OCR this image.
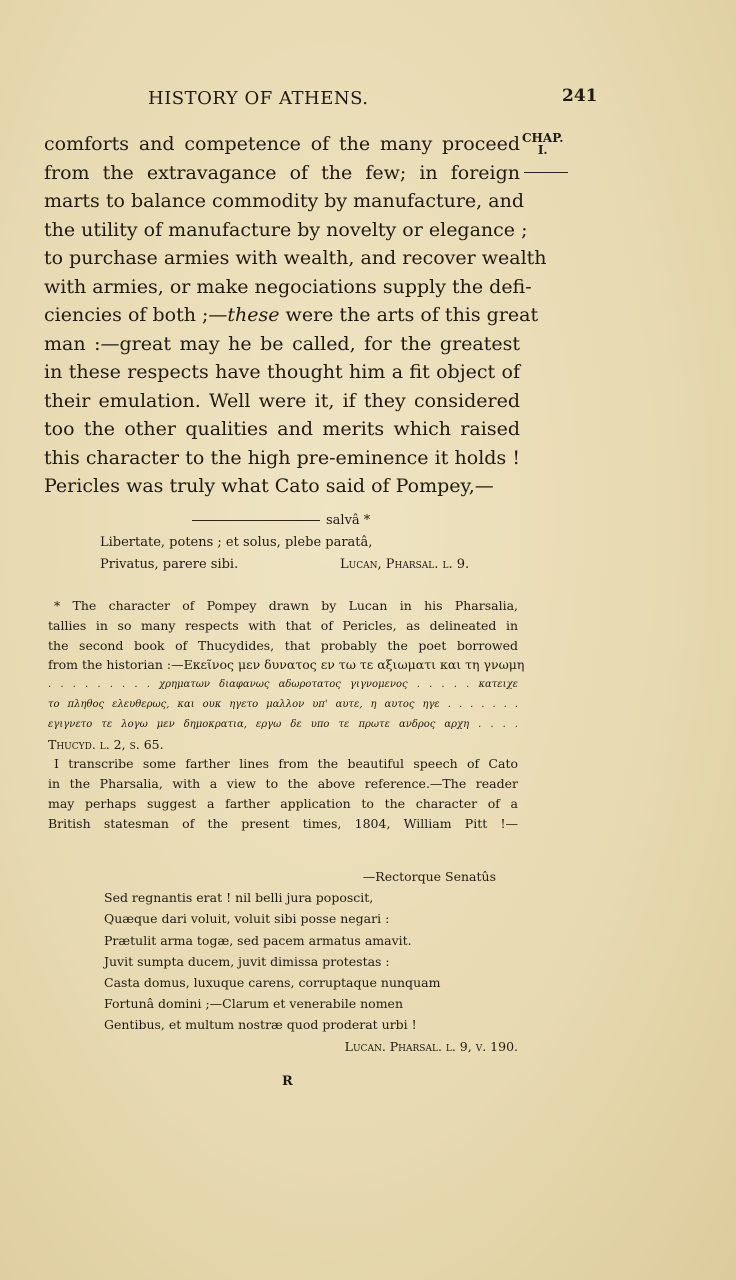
HISTORY OF ATHENS.	241
CHAP.
I.
comforts and competence of the many proceed
from the extravagance of the few; in foreign
marts to balance commodity by manufacture, and
the utility of manufacture by novelty or elegance ;
to purchase armies with wealth, and recover wealth
with armies, or make negociations supply the defi-
ciencies of both ;—these were the arts of this great
man :—great may he be called, for the greatest
in these respects have thought him a fit object of
their emulation. Well were it, if they considered
too the other qualities and merits which raised
this character to the high pre-eminence it holds !
Pericles was truly what Cato said of Pompey,—
salvâ *
Libertate, potens ; et solus, plebe paratâ,
Privatus, parere sibi.	Lucan, Pharsal. l. 9.
* The character of Pompey drawn by Lucan in his Pharsalia,
tallies in so many respects with that of Pericles, as delineated in
the second book of Thucydides, that probably the poet borrowed
from the historian :—Εκεῖνος μεν δυνατος εν τω τε αξιωματι και τη γνωμη
. . . . . . . . . χρηματων διαφανως αδωροτατος γιγνομενος . . . . . κατειχε
το πληθος ελευθερως, και ουκ ηγετο μαλλον υπ' αυτε, η αυτος ηγε . . . . . . .
εγιγνετο τε λογω μεν δημοκρατια, εργω δε υπο τε πρωτε ανδρος αρχη . . . .
Thucyd. l. 2, s. 65.
I transcribe some farther lines from the beautiful speech of Cato
in the Pharsalia, with a view to the above reference.—The reader
may perhaps suggest a farther application to the character of a
British statesman of the present times, 1804, William Pitt !—
—Rectorque Senatûs
Sed regnantis erat ! nil belli jura poposcit,
Quæque dari voluit, voluit sibi posse negari :
Prætulit arma togæ, sed pacem armatus amavit.
Juvit sumpta ducem, juvit dimissa protestas :
Casta domus, luxuque carens, corruptaque nunquam
Fortunâ domini ;—Clarum et venerabile nomen
Gentibus, et multum nostræ quod proderat urbi !
Lucan. Pharsal. l. 9, v. 190.
R
